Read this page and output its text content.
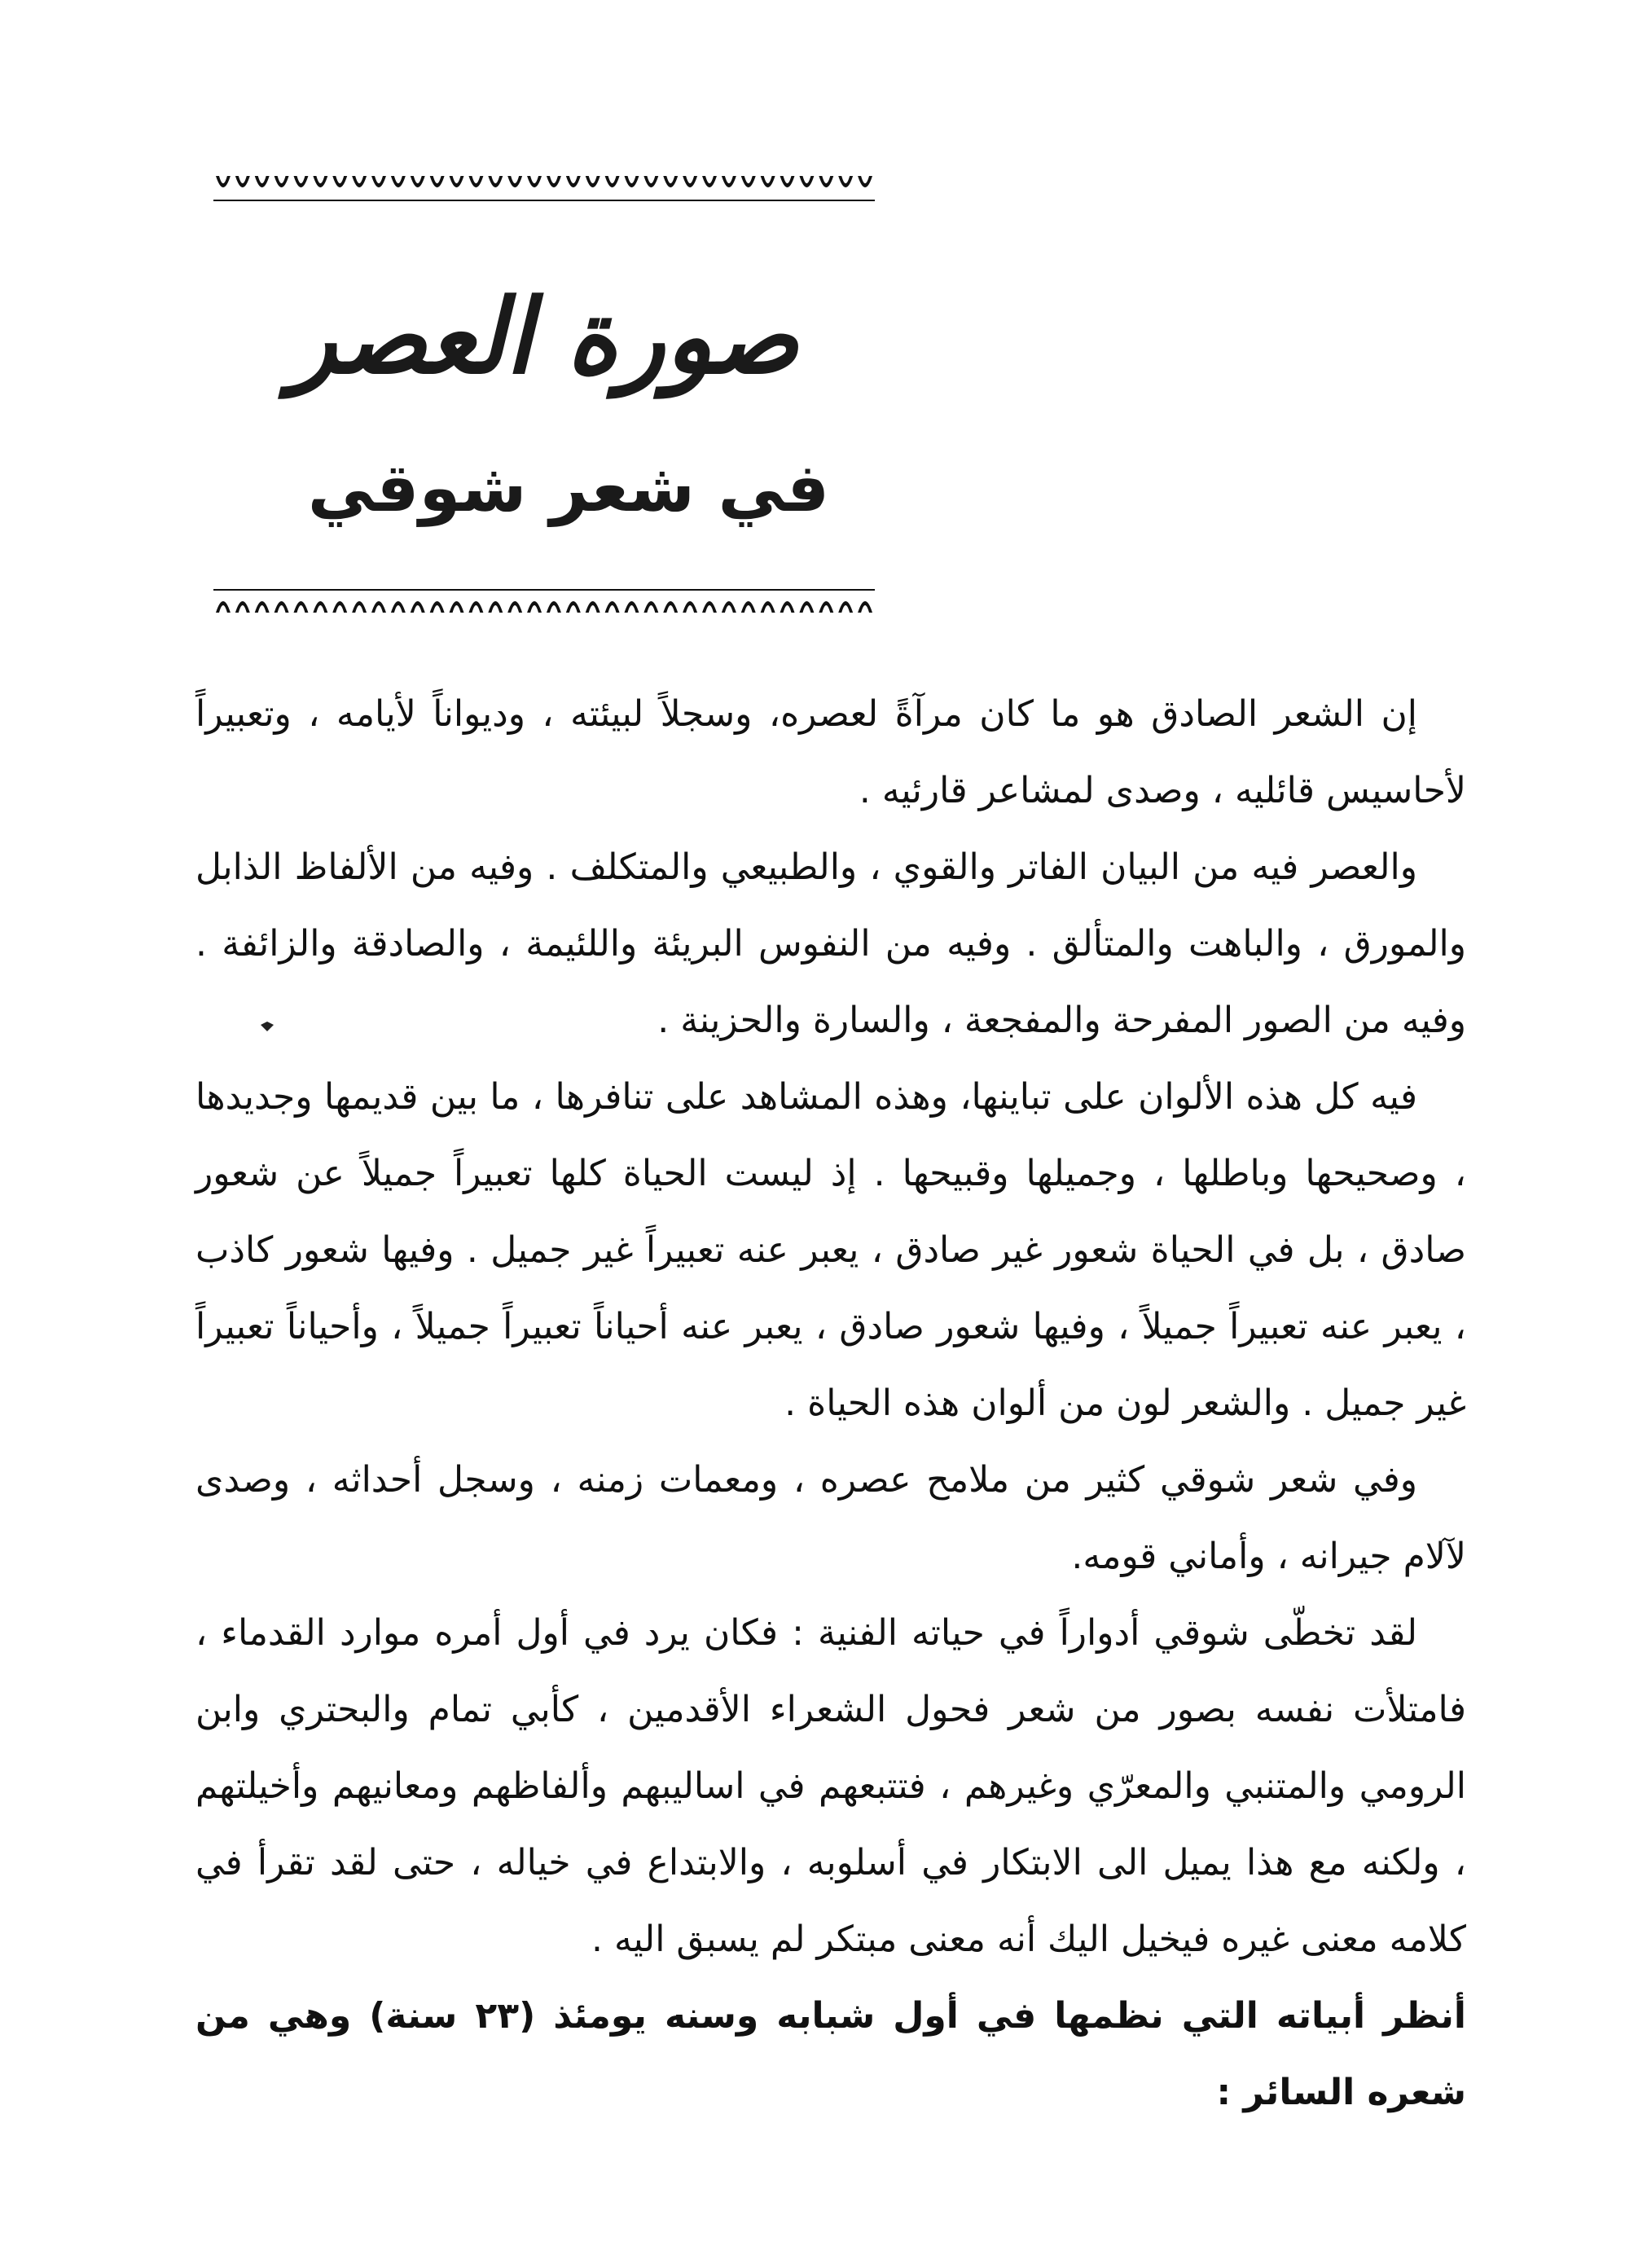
صورة العصر
في شعر شوقي

إن الشعر الصادق هو ما كان مرآةً لعصره، وسجلاً لبيئته ، وديواناً لأيامه ، وتعبيراً لأحاسيس قائليه ، وصدى لمشاعر قارئيه .

والعصر فيه من البيان الفاتر والقوي ، والطبيعي والمتكلف . وفيه من الألفاظ الذابل والمورق ، والباهت والمتألق . وفيه من النفوس البريئة واللئيمة ، والصادقة والزائفة . وفيه من الصور المفرحة والمفجعة ، والسارة والحزينة .

فيه كل هذه الألوان على تباينها، وهذه المشاهد على تنافرها ، ما بين قديمها وجديدها ، وصحيحها وباطلها ، وجميلها وقبيحها . إذ ليست الحياة كلها تعبيراً جميلاً عن شعور صادق ، بل في الحياة شعور غير صادق ، يعبر عنه تعبيراً غير جميل . وفيها شعور كاذب ، يعبر عنه تعبيراً جميلاً ، وفيها شعور صادق ، يعبر عنه أحياناً تعبيراً جميلاً ، وأحياناً تعبيراً غير جميل . والشعر لون من ألوان هذه الحياة .

وفي شعر شوقي كثير من ملامح عصره ، ومعمات زمنه ، وسجل أحداثه ، وصدى لآلام جيرانه ، وأماني قومه.

لقد تخطّى شوقي أدواراً في حياته الفنية : فكان يرد في أول أمره موارد القدماء ، فامتلأت نفسه بصور من شعر فحول الشعراء الأقدمين ، كأبي تمام والبحتري وابن الرومي والمتنبي والمعرّي وغيرهم ، فتتبعهم في اساليبهم وألفاظهم ومعانيهم وأخيلتهم ، ولكنه مع هذا يميل الى الابتكار في أسلوبه ، والابتداع في خياله ، حتى لقد تقرأ في كلامه معنى غيره فيخيل اليك أنه معنى مبتكر لم يسبق اليه .

أنظر أبياته التي نظمها في أول شبابه وسنه يومئذ (٢٣ سنة) وهي من شعره السائر :
